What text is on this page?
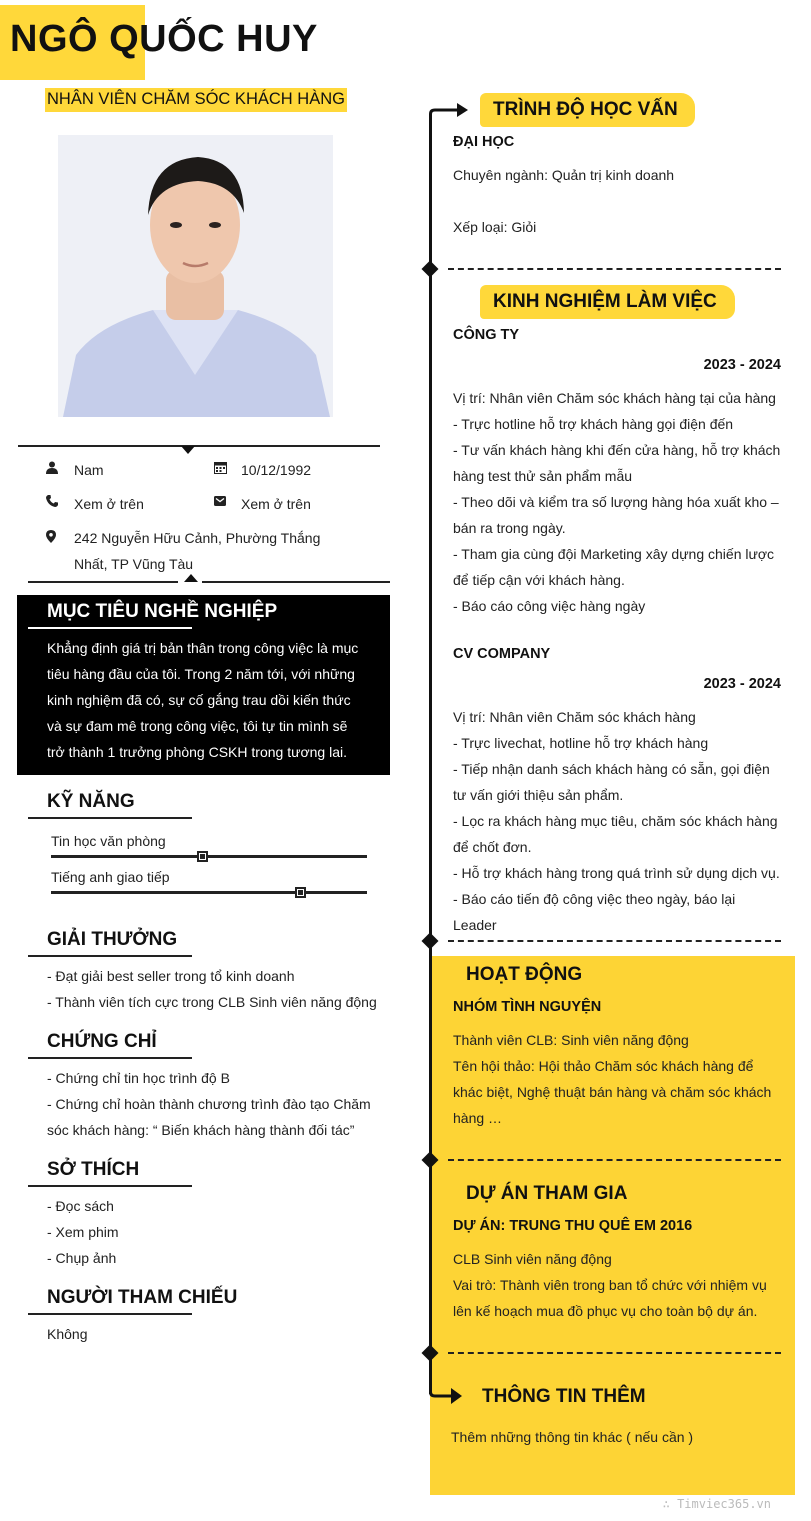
NGÔ QUỐC HUY
NHÂN VIÊN CHĂM SÓC KHÁCH HÀNG
Nam	10/12/1992
Xem ở trên	Xem ở trên
242 Nguyễn Hữu Cảnh, Phường Thắng
Nhất, TP Vũng Tàu
MỤC TIÊU NGHỀ NGHIỆP
Khẳng định giá trị bản thân trong công việc là mục
tiêu hàng đầu của tôi. Trong 2 năm tới, với những
kinh nghiệm đã có, sự cố gắng trau dồi kiến thức
và sự đam mê trong công việc, tôi tự tin mình sẽ
trở thành 1 trưởng phòng CSKH trong tương lai.
KỸ NĂNG
Tin học văn phòng
Tiếng anh giao tiếp
GIẢI THƯỞNG
- Đạt giải best seller trong tổ kinh doanh
- Thành viên tích cực trong CLB Sinh viên năng động
CHỨNG CHỈ
- Chứng chỉ tin học trình độ B
- Chứng chỉ hoàn thành chương trình đào tạo Chăm
sóc khách hàng: “ Biến khách hàng thành đối tác”
SỞ THÍCH
- Đọc sách
- Xem phim
- Chụp ảnh
NGƯỜI THAM CHIẾU
Không
TRÌNH ĐỘ HỌC VẤN
ĐẠI HỌC
Chuyên ngành: Quản trị kinh doanh
Xếp loại: Giỏi
KINH NGHIỆM LÀM VIỆC
CÔNG TY
2023 - 2024
Vị trí: Nhân viên Chăm sóc khách hàng tại của hàng
- Trực hotline hỗ trợ khách hàng gọi điện đến
- Tư vấn khách hàng khi đến cửa hàng, hỗ trợ khách
hàng test thử sản phẩm mẫu
- Theo dõi và kiểm tra số lượng hàng hóa xuất kho –
bán ra trong ngày.
- Tham gia cùng đội Marketing xây dựng chiến lược
để tiếp cận với khách hàng.
- Báo cáo công việc hàng ngày
CV COMPANY
2023 - 2024
Vị trí: Nhân viên Chăm sóc khách hàng
- Trực livechat, hotline hỗ trợ khách hàng
- Tiếp nhận danh sách khách hàng có sẵn, gọi điện
tư vấn giới thiệu sản phẩm.
- Lọc ra khách hàng mục tiêu, chăm sóc khách hàng
để chốt đơn.
- Hỗ trợ khách hàng trong quá trình sử dụng dịch vụ.
- Báo cáo tiến độ công việc theo ngày, báo lại Leader
HOẠT ĐỘNG
NHÓM TÌNH NGUYỆN
Thành viên CLB: Sinh viên năng động
Tên hội thảo: Hội thảo Chăm sóc khách hàng để
khác biệt, Nghệ thuật bán hàng và chăm sóc khách
hàng …
DỰ ÁN THAM GIA
DỰ ÁN: TRUNG THU QUÊ EM 2016
CLB Sinh viên năng động
Vai trò: Thành viên trong ban tổ chức với nhiệm vụ
lên kế hoạch mua đồ phục vụ cho toàn bộ dự án.
THÔNG TIN THÊM
Thêm những thông tin khác ( nếu cần )
∴ Timviec365.vn
